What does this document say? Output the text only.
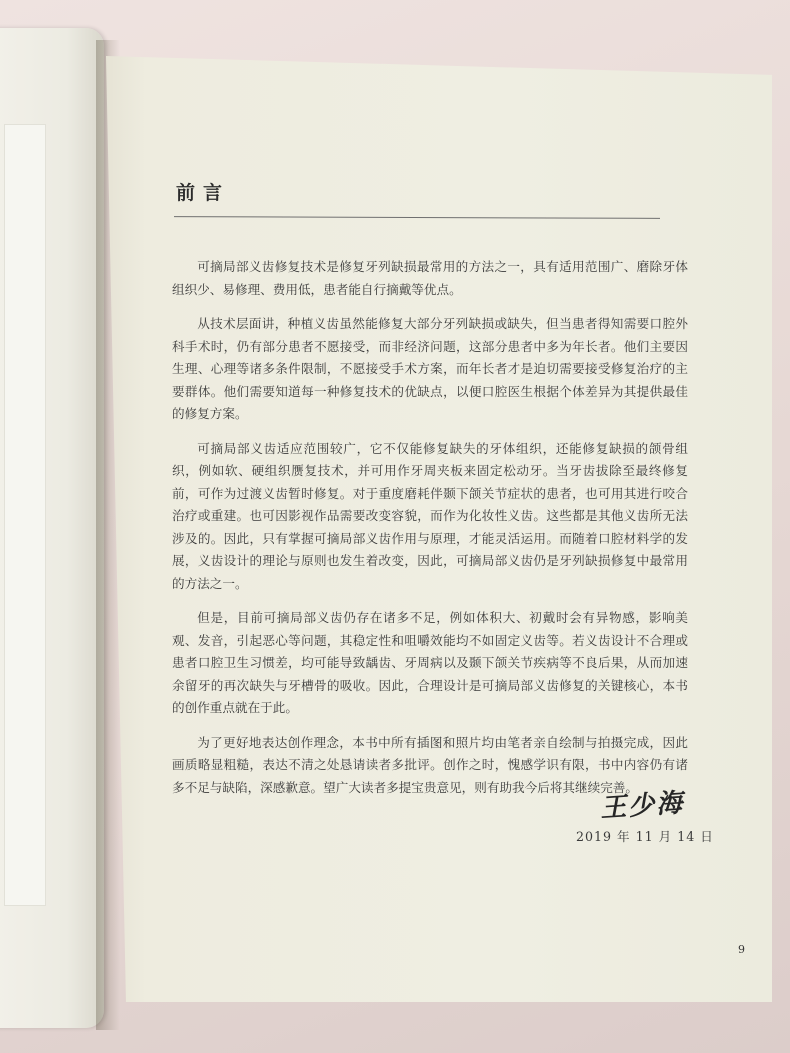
前言

可摘局部义齿修复技术是修复牙列缺损最常用的方法之一，具有适用范围广、磨除牙体组织少、易修理、费用低，患者能自行摘戴等优点。

从技术层面讲，种植义齿虽然能修复大部分牙列缺损或缺失，但当患者得知需要口腔外科手术时，仍有部分患者不愿接受，而非经济问题，这部分患者中多为年长者。他们主要因生理、心理等诸多条件限制，不愿接受手术方案，而年长者才是迫切需要接受修复治疗的主要群体。他们需要知道每一种修复技术的优缺点，以便口腔医生根据个体差异为其提供最佳的修复方案。

可摘局部义齿适应范围较广，它不仅能修复缺失的牙体组织，还能修复缺损的颌骨组织，例如软、硬组织赝复技术，并可用作牙周夹板来固定松动牙。当牙齿拔除至最终修复前，可作为过渡义齿暂时修复。对于重度磨耗伴颞下颌关节症状的患者，也可用其进行咬合治疗或重建。也可因影视作品需要改变容貌，而作为化妆性义齿。这些都是其他义齿所无法涉及的。因此，只有掌握可摘局部义齿作用与原理，才能灵活运用。而随着口腔材料学的发展，义齿设计的理论与原则也发生着改变，因此，可摘局部义齿仍是牙列缺损修复中最常用的方法之一。

但是，目前可摘局部义齿仍存在诸多不足，例如体积大、初戴时会有异物感，影响美观、发音，引起恶心等问题，其稳定性和咀嚼效能均不如固定义齿等。若义齿设计不合理或患者口腔卫生习惯差，均可能导致龋齿、牙周病以及颞下颌关节疾病等不良后果，从而加速余留牙的再次缺失与牙槽骨的吸收。因此，合理设计是可摘局部义齿修复的关键核心，本书的创作重点就在于此。

为了更好地表达创作理念，本书中所有插图和照片均由笔者亲自绘制与拍摄完成，因此画质略显粗糙，表达不清之处恳请读者多批评。创作之时，愧感学识有限，书中内容仍有诸多不足与缺陷，深感歉意。望广大读者多提宝贵意见，则有助我今后将其继续完善。

王少海
2019 年 11 月 14 日
9
